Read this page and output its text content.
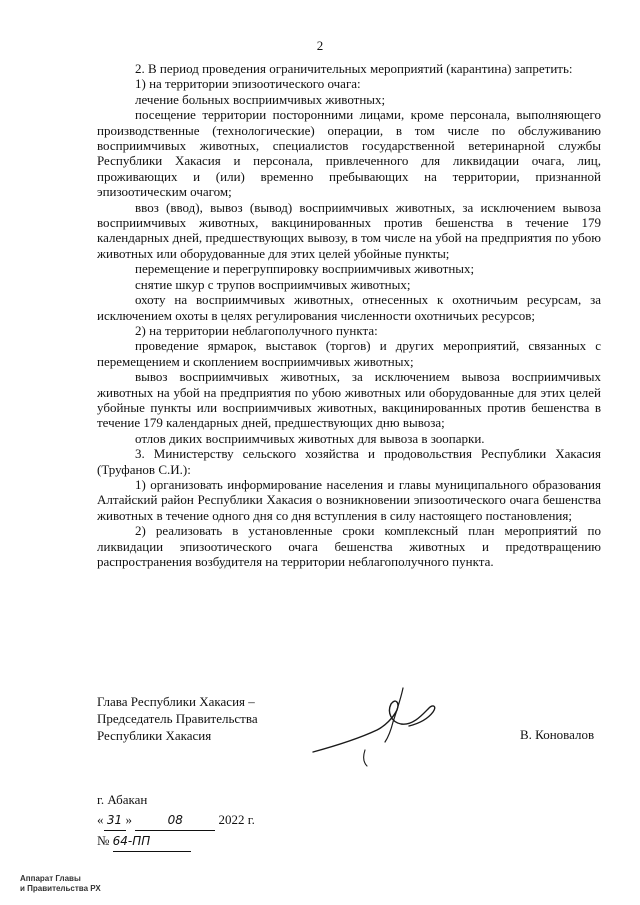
2

2. В период проведения ограничительных мероприятий (карантина) запретить:

1) на территории эпизоотического очага:

лечение больных восприимчивых животных;

посещение территории посторонними лицами, кроме персонала, выполняющего производственные (технологические) операции, в том числе по обслуживанию восприимчивых животных, специалистов государственной ветеринарной службы Республики Хакасия и персонала, привлеченного для ликвидации очага, лиц, проживающих и (или) временно пребывающих на территории, признанной эпизоотическим очагом;

ввоз (ввод), вывоз (вывод) восприимчивых животных, за исключением вывоза восприимчивых животных, вакцинированных против бешенства в течение 179 календарных дней, предшествующих вывозу, в том числе на убой на предприятия по убою животных или оборудованные для этих целей убойные пункты;

перемещение и перегруппировку восприимчивых животных;

снятие шкур с трупов восприимчивых животных;

охоту на восприимчивых животных, отнесенных к охотничьим ресурсам, за исключением охоты в целях регулирования численности охотничьих ресурсов;

2) на территории неблагополучного пункта:

проведение ярмарок, выставок (торгов) и других мероприятий, связанных с перемещением и скоплением восприимчивых животных;

вывоз восприимчивых животных, за исключением вывоза восприимчивых животных на убой на предприятия по убою животных или оборудованные для этих целей убойные пункты или восприимчивых животных, вакцинированных против бешенства в течение 179 календарных дней, предшествующих дню вывоза;

отлов диких восприимчивых животных для вывоза в зоопарки.

3. Министерству сельского хозяйства и продовольствия Республики Хакасия (Труфанов С.И.):

1) организовать информирование населения и главы муниципального образования Алтайский район Республики Хакасия о возникновении эпизоотического очага бешенства животных в течение одного дня со дня вступления в силу настоящего постановления;

2) реализовать в установленные сроки комплексный план мероприятий по ликвидации эпизоотического очага бешенства животных и предотвращению распространения возбудителя на территории неблагополучного пункта.

Глава Республики Хакасия –
Председатель Правительства
Республики Хакасия	В. Коновалов
г. Абакан
« 31 »	08	2022 г.
№ 64-ПП
Аппарат Главы
и Правительства РХ
